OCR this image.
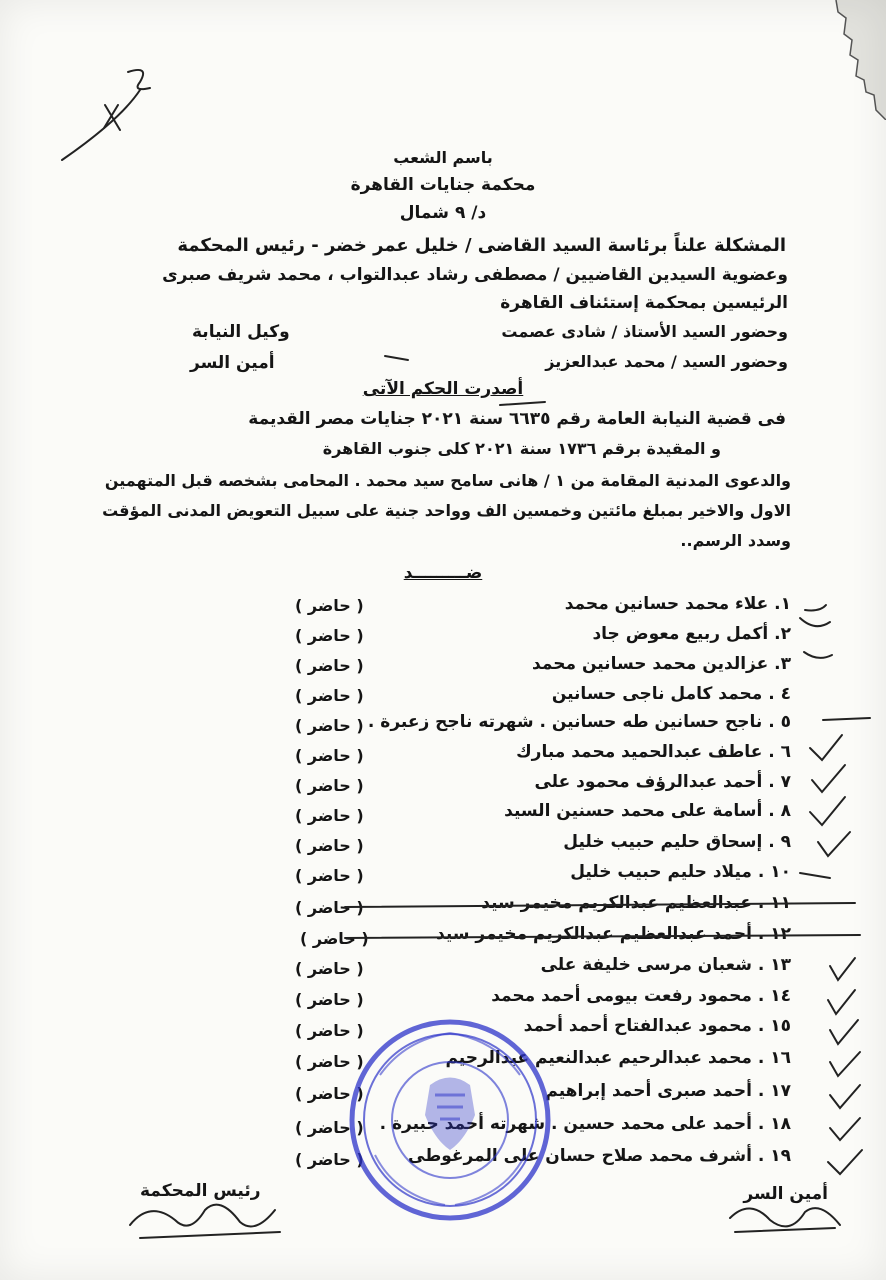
باسم الشعب
محكمة جنايات القاهرة
د/ ٩ شمال
المشكلة علناً برئاسة السيد القاضى / خليل عمر خضر - رئيس المحكمة
وعضوية السيدين القاضيين / مصطفى رشاد عبدالتواب ، محمد شريف صبرى
الرئيسين بمحكمة إستئناف القاهرة
وحضور السيد الأستاذ / شادى عصمت
وكيل النيابة
وحضور السيد / محمد عبدالعزيز
أمين السر
أصدرت الحكم الآتى
فى قضية النيابة العامة رقم ٦٦٣٥ سنة ٢٠٢١ جنايات مصر القديمة
و المقيدة برقم ١٧٣٦ سنة ٢٠٢١ كلى جنوب القاهرة
والدعوى المدنية المقامة من ١ / هانى سامح سيد محمد . المحامى بشخصه قبل المتهمين
الاول والاخير بمبلغ مائتين وخمسين الف وواحد جنية على سبيل التعويض المدنى المؤقت
وسدد الرسم..
ضـــــــــد
١. علاء محمد حسانين محمد
( حاضر )
٢. أكمل ربيع معوض جاد
( حاضر )
٣. عزالدين محمد حسانين محمد
( حاضر )
٤ . محمد كامل ناجى حسانين
( حاضر )
٥ . ناجح حسانين طه حسانين . شهرته ناجح زعبرة .
( حاضر )
٦ . عاطف عبدالحميد محمد مبارك
( حاضر )
٧ . أحمد عبدالرؤف محمود على
( حاضر )
٨ . أسامة على محمد حسنين السيد
( حاضر )
٩ . إسحاق حليم حبيب خليل
( حاضر )
١٠ . ميلاد حليم حبيب خليل
( حاضر )
١١ . عبدالعظيم عبدالكريم مخيمر سيد
( حاضر )
١٢ . أحمد عبدالعظيم عبدالكريم مخيمر سيد
( حاضر )
١٣ . شعبان مرسى خليفة على
( حاضر )
١٤ . محمود رفعت بيومى أحمد محمد
( حاضر )
١٥ . محمود عبدالفتاح أحمد أحمد
( حاضر )
١٦ . محمد عبدالرحيم عبدالنعيم عبدالرحيم
( حاضر )
١٧ . أحمد صبرى أحمد إبراهيم
( حاضر )
١٨ . أحمد على محمد حسين . شهرته أحمد حبيرة .
( حاضر )
١٩ . أشرف محمد صلاح حسان على المرغوطى
( حاضر )
رئيس المحكمة	أمين السر
